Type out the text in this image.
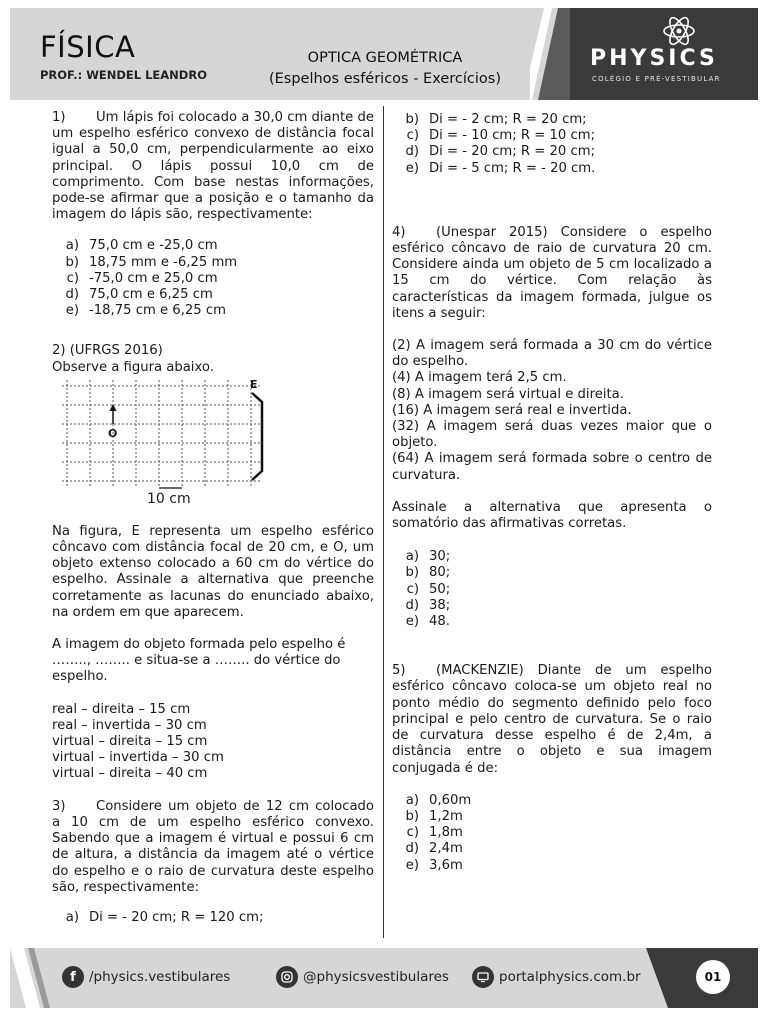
FÍSICA
PROF.: WENDEL LEANDRO
OPTICA GEOMÉTRICA
(Espelhos esféricos - Exercícios)
PHYSICS
COLÉGIO E PRÉ-VESTIBULAR

1) Um lápis foi colocado a 30,0 cm diante de um espelho esférico convexo de distância focal igual a 50,0 cm, perpendicularmente ao eixo principal. O lápis possui 10,0 cm de comprimento. Com base nestas informações, pode-se afirmar que a posição e o tamanho da imagem do lápis são, respectivamente:

a) 75,0 cm e -25,0 cm
b) 18,75 mm e -6,25 mm
c) -75,0 cm e 25,0 cm
d) 75,0 cm e 6,25 cm
e) -18,75 cm e 6,25 cm
2) (UFRGS 2016)
Observe a figura abaixo.
E
O
10 cm

Na figura, E representa um espelho esférico côncavo com distância focal de 20 cm, e O, um objeto extenso colocado a 60 cm do vértice do espelho. Assinale a alternativa que preenche corretamente as lacunas do enunciado abaixo, na ordem em que aparecem.

A imagem do objeto formada pelo espelho é …….., …….. e situa-se a …….. do vértice do espelho.

real – direita – 15 cm
real – invertida – 30 cm
virtual – direita – 15 cm
virtual – invertida – 30 cm
virtual – direita – 40 cm

3) Considere um objeto de 12 cm colocado a 10 cm de um espelho esférico convexo. Sabendo que a imagem é virtual e possui 6 cm de altura, a distância da imagem até o vértice do espelho e o raio de curvatura deste espelho são, respectivamente:

a) Di = - 20 cm; R = 120 cm;
b) Di = - 2 cm; R = 20 cm;
c) Di = - 10 cm; R = 10 cm;
d) Di = - 20 cm; R = 20 cm;
e) Di = - 5 cm; R = - 20 cm.

4) (Unespar 2015) Considere o espelho esférico côncavo de raio de curvatura 20 cm. Considere ainda um objeto de 5 cm localizado a 15 cm do vértice. Com relação às características da imagem formada, julgue os itens a seguir:

(2) A imagem será formada a 30 cm do vértice do espelho.

(4) A imagem terá 2,5 cm.

(8) A imagem será virtual e direita.

(16) A imagem será real e invertida.

(32) A imagem será duas vezes maior que o objeto.

(64) A imagem será formada sobre o centro de curvatura.

Assinale a alternativa que apresenta o somatório das afirmativas corretas.

a) 30;
b) 80;
c) 50;
d) 38;
e) 48.

5) (MACKENZIE) Diante de um espelho esférico côncavo coloca-se um objeto real no ponto médio do segmento definido pelo foco principal e pelo centro de curvatura. Se o raio de curvatura desse espelho é de 2,4m, a distância entre o objeto e sua imagem conjugada é de:

a) 0,60m
b) 1,2m
c) 1,8m
d) 2,4m
e) 3,6m
f /physics.vestibulares	@physicsvestibulares	portalphysics.com.br	01
